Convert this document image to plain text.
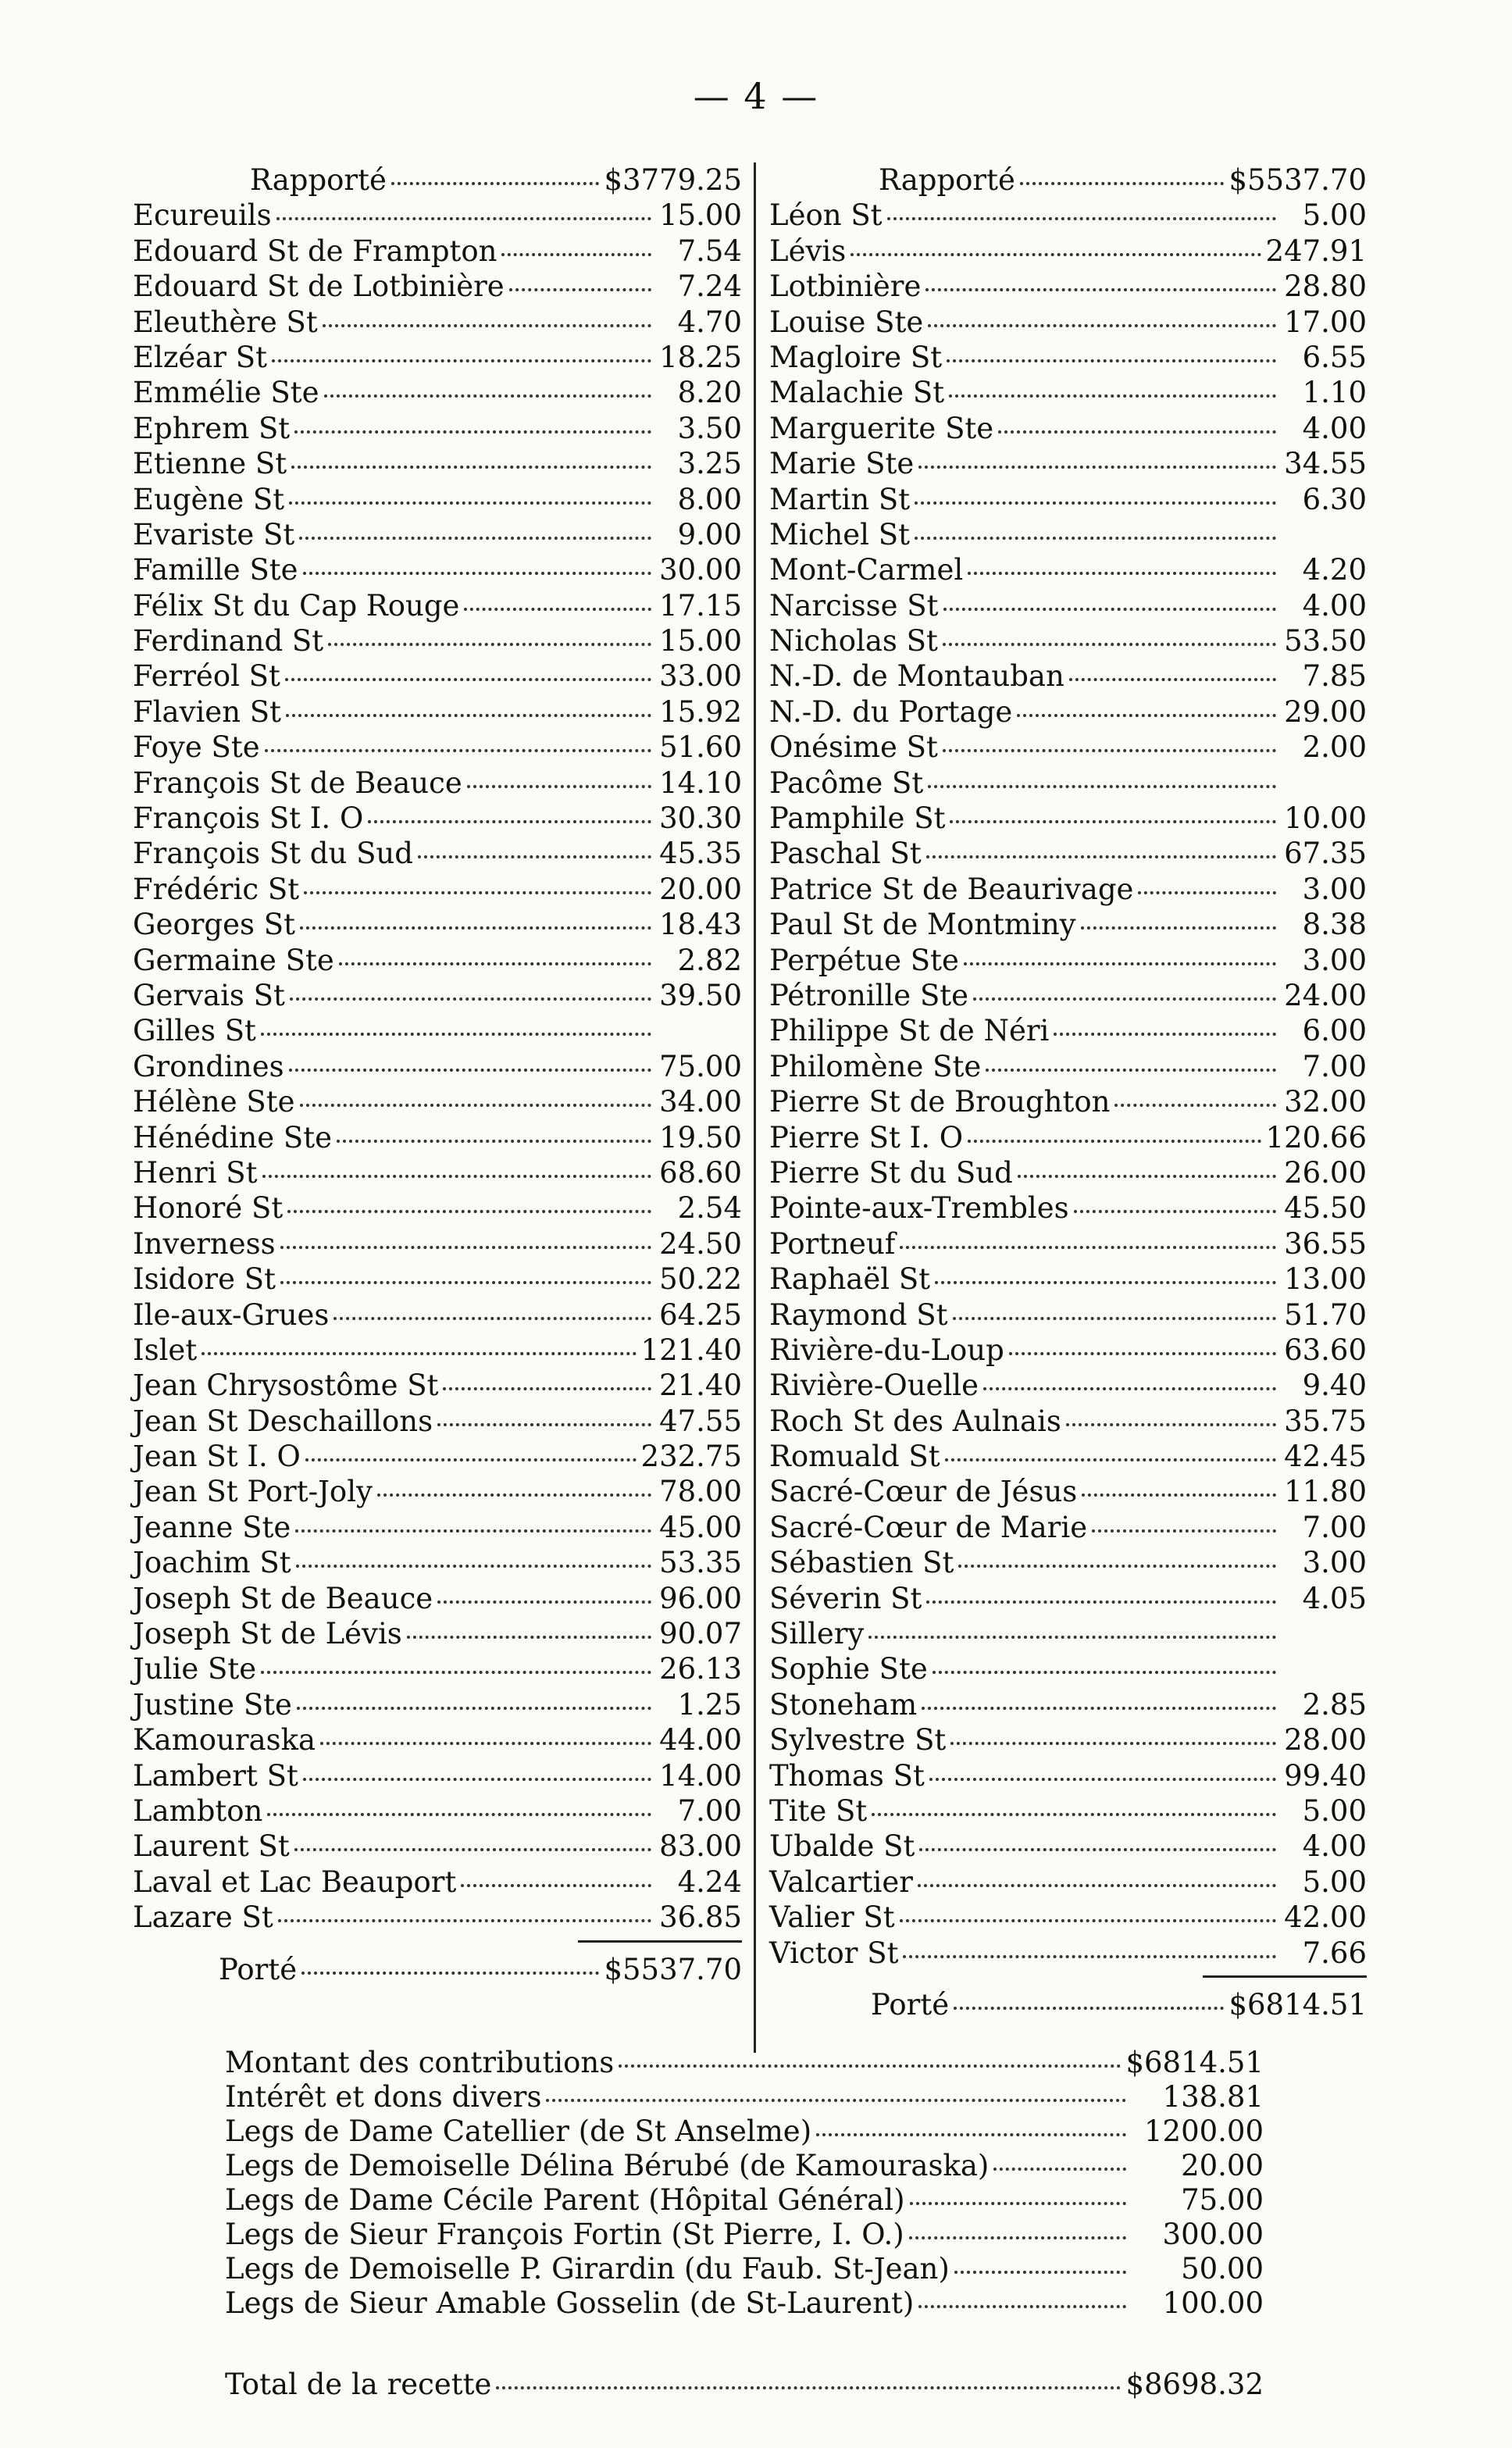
— 4 —
Rapporté	$3779.25
Ecureuils	15.00
Edouard St de Frampton	7.54
Edouard St de Lotbinière	7.24
Eleuthère St	4.70
Elzéar St	18.25
Emmélie Ste	8.20
Ephrem St	3.50
Etienne St	3.25
Eugène St	8.00
Evariste St	9.00
Famille Ste	30.00
Félix St du Cap Rouge	17.15
Ferdinand St	15.00
Ferréol St	33.00
Flavien St	15.92
Foye Ste	51.60
François St de Beauce	14.10
François St I. O	30.30
François St du Sud	45.35
Frédéric St	20.00
Georges St	18.43
Germaine Ste	2.82
Gervais St	39.50
Gilles St
Grondines	75.00
Hélène Ste	34.00
Hénédine Ste	19.50
Henri St	68.60
Honoré St	2.54
Inverness	24.50
Isidore St	50.22
Ile-aux-Grues	64.25
Islet	121.40
Jean Chrysostôme St	21.40
Jean St Deschaillons	47.55
Jean St I. O	232.75
Jean St Port-Joly	78.00
Jeanne Ste	45.00
Joachim St	53.35
Joseph St de Beauce	96.00
Joseph St de Lévis	90.07
Julie Ste	26.13
Justine Ste	1.25
Kamouraska	44.00
Lambert St	14.00
Lambton	7.00
Laurent St	83.00
Laval et Lac Beauport	4.24
Lazare St	36.85
Porté	$5537.70
Rapporté	$5537.70
Léon St	5.00
Lévis	247.91
Lotbinière	28.80
Louise Ste	17.00
Magloire St	6.55
Malachie St	1.10
Marguerite Ste	4.00
Marie Ste	34.55
Martin St	6.30
Michel St
Mont-Carmel	4.20
Narcisse St	4.00
Nicholas St	53.50
N.-D. de Montauban	7.85
N.-D. du Portage	29.00
Onésime St	2.00
Pacôme St
Pamphile St	10.00
Paschal St	67.35
Patrice St de Beaurivage	3.00
Paul St de Montminy	8.38
Perpétue Ste	3.00
Pétronille Ste	24.00
Philippe St de Néri	6.00
Philomène Ste	7.00
Pierre St de Broughton	32.00
Pierre St I. O	120.66
Pierre St du Sud	26.00
Pointe-aux-Trembles	45.50
Portneuf	36.55
Raphaël St	13.00
Raymond St	51.70
Rivière-du-Loup	63.60
Rivière-Ouelle	9.40
Roch St des Aulnais	35.75
Romuald St	42.45
Sacré-Cœur de Jésus	11.80
Sacré-Cœur de Marie	7.00
Sébastien St	3.00
Séverin St	4.05
Sillery
Sophie Ste
Stoneham	2.85
Sylvestre St	28.00
Thomas St	99.40
Tite St	5.00
Ubalde St	4.00
Valcartier	5.00
Valier St	42.00
Victor St	7.66
Porté	$6814.51
Montant des contributions	$6814.51
Intérêt et dons divers	138.81
Legs de Dame Catellier (de St Anselme)	1200.00
Legs de Demoiselle Délina Bérubé (de Kamouraska)	20.00
Legs de Dame Cécile Parent (Hôpital Général)	75.00
Legs de Sieur François Fortin (St Pierre, I. O.)	300.00
Legs de Demoiselle P. Girardin (du Faub. St-Jean)	50.00
Legs de Sieur Amable Gosselin (de St-Laurent)	100.00
Total de la recette	$8698.32
